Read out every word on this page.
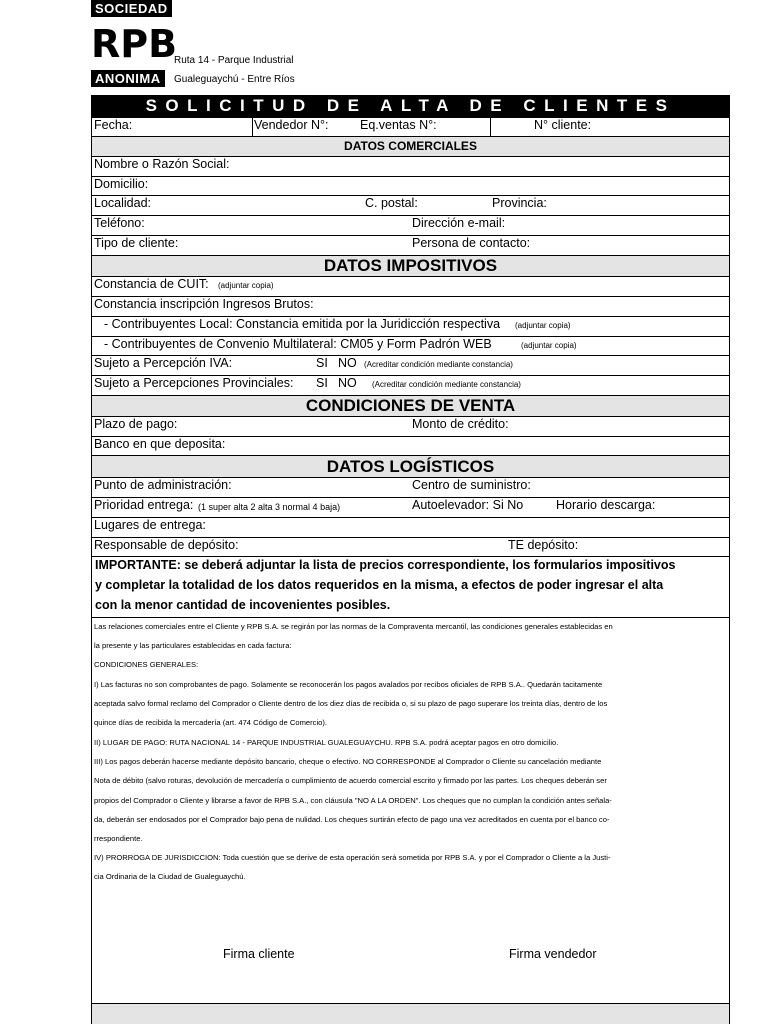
SOCIEDAD
RPB
Ruta 14 - Parque Industrial
ANONIMA	Gualeguaychú - Entre Ríos
SOLICITUD DE ALTA DE CLIENTES
Fecha:	Vendedor N°:	Eq.ventas N°:	N° cliente:
DATOS COMERCIALES
Nombre o Razón Social:
Domicilio:
Localidad:	C. postal:	Provincia:
Teléfono:	Dirección e-mail:
Tipo de cliente:	Persona de contacto:
DATOS IMPOSITIVOS
Constancia de CUIT: (adjuntar copia)
Constancia inscripción Ingresos Brutos:
- Contribuyentes Local: Constancia emitida por la Juridicción respectiva (adjuntar copia)
- Contribuyentes de Convenio Multilateral: CM05 y Form Padrón WEB	(adjuntar copia)
Sujeto a Percepción IVA:	SI NO (Acreditar condición mediante constancia)
Sujeto a Percepciones Provinciales: SI NO (Acreditar condición mediante constancia)
CONDICIONES DE VENTA
Plazo de pago:	Monto de crédito:
Banco en que deposita:
DATOS LOGÍSTICOS
Punto de administración:	Centro de suministro:
Prioridad entrega: (1 super alta 2 alta 3 normal 4 baja)	Autoelevador: Si No	Horario descarga:
Lugares de entrega:
Responsable de depósito:	TE depósito:
IMPORTANTE: se deberá adjuntar la lista de precios correspondiente, los formularios impositivos
y completar la totalidad de los datos requeridos en la misma, a efectos de poder ingresar el alta
con la menor cantidad de incovenientes posibles.
Las relaciones comerciales entre el Cliente y RPB S.A. se regirán por las normas de la Compraventa mercantil, las condiciones generales establecidas en
la presente y las particulares establecidas en cada factura:
CONDICIONES GENERALES:
I) Las facturas no son comprobantes de pago. Solamente se reconocerán los pagos avalados por recibos oficiales de RPB S.A.. Quedarán tacitamente
aceptada salvo formal reclamo del Comprador o Cliente dentro de los diez días de recibida o, si su plazo de pago superare los treinta días, dentro de los
quince días de recibida la mercadería (art. 474 Código de Comercio).
II) LUGAR DE PAGO: RUTA NACIONAL 14 - PARQUE INDUSTRIAL GUALEGUAYCHU. RPB S.A. podrá aceptar pagos en otro domicilio.
III) Los pagos deberán hacerse mediante depósito bancario, cheque o efectivo. NO CORRESPONDE al Comprador o Cliente su cancelación mediante
Nota de débito (salvo roturas, devolución de mercadería o cumplimiento de acuerdo comercial escrito y firmado por las partes. Los cheques deberán ser
propios del Comprador o Cliente y librarse a favor de RPB S.A., con cláusula "NO A LA ORDEN". Los cheques que no cumplan la condición antes señala-
da, deberán ser endosados por el Comprador bajo pena de nulidad. Los cheques surtirán efecto de pago una vez acreditados en cuenta por el banco co-
rrespondiente.
IV) PRORROGA DE JURISDICCION: Toda cuestión que se derive de esta operación será sometida por RPB S.A. y por el Comprador o Cliente a la Justi-
cia Ordinaria de la Ciudad de Gualeguaychú.
Firma cliente	Firma vendedor
